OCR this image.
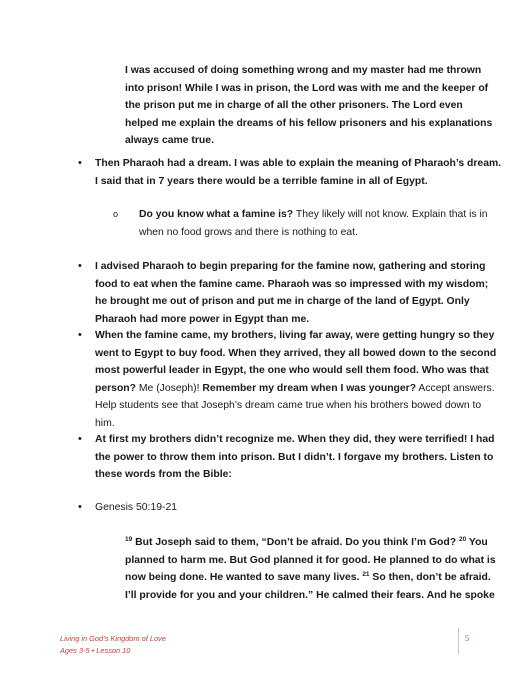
I was accused of doing something wrong and my master had me thrown
into prison! While I was in prison, the Lord was with me and the keeper of
the prison put me in charge of all the other prisoners. The Lord even
helped me explain the dreams of his fellow prisoners and his explanations
always came true.
• Then Pharaoh had a dream. I was able to explain the meaning of Pharaoh’s dream.
I said that in 7 years there would be a terrible famine in all of Egypt.
o Do you know what a famine is? They likely will not know. Explain that is in
when no food grows and there is nothing to eat.
• I advised Pharaoh to begin preparing for the famine now, gathering and storing
food to eat when the famine came. Pharaoh was so impressed with my wisdom;
he brought me out of prison and put me in charge of the land of Egypt. Only
Pharaoh had more power in Egypt than me.
• When the famine came, my brothers, living far away, were getting hungry so they
went to Egypt to buy food. When they arrived, they all bowed down to the second
most powerful leader in Egypt, the one who would sell them food. Who was that
person? Me (Joseph)! Remember my dream when I was younger? Accept answers.
Help students see that Joseph’s dream came true when his brothers bowed down to
him.
• At first my brothers didn’t recognize me. When they did, they were terrified! I had
the power to throw them into prison. But I didn’t. I forgave my brothers. Listen to
these words from the Bible:
• Genesis 50:19-21
$^{19}$ But Joseph said to them, “Don’t be afraid. Do you think I’m God? $^{20}$ You
planned to harm me. But God planned it for good. He planned to do what is
now being done. He wanted to save many lives. $^{21}$ So then, don’t be afraid.
I’ll provide for you and your children.” He calmed their fears. And he spoke
Living in God’s Kingdom of Love
Ages 3-5 • Lesson 10
5
